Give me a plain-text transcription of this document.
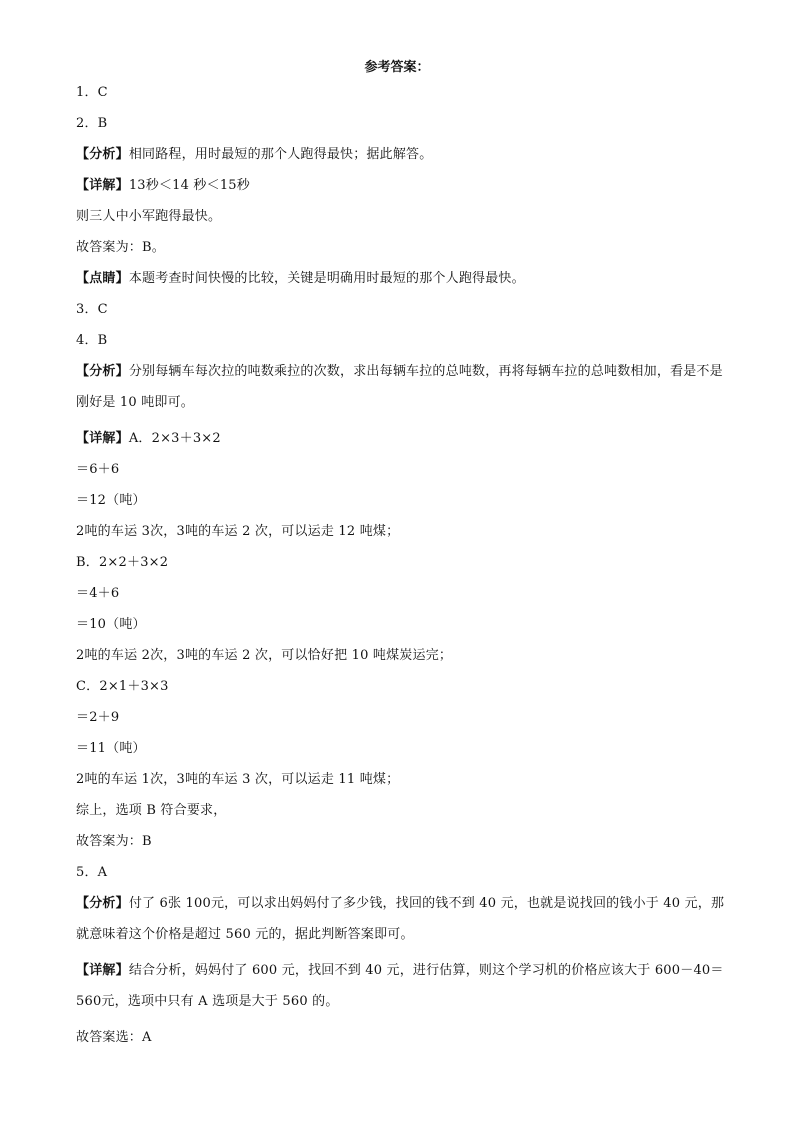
参考答案：
1．C
2．B
【分析】相同路程，用时最短的那个人跑得最快；据此解答。
【详解】13秒＜14 秒＜15秒
则三人中小军跑得最快。
故答案为：B。
【点睛】本题考查时间快慢的比较，关键是明确用时最短的那个人跑得最快。
3．C
4．B
【分析】分别每辆车每次拉的吨数乘拉的次数，求出每辆车拉的总吨数，再将每辆车拉的总吨数相加，看是不是刚好是 10 吨即可。
【详解】A．2×3＋3×2
＝6＋6
＝12（吨）
2吨的车运 3次，3吨的车运 2 次，可以运走 12 吨煤；
B．2×2＋3×2
＝4＋6
＝10（吨）
2吨的车运 2次，3吨的车运 2 次，可以恰好把 10 吨煤炭运完；
C．2×1＋3×3
＝2＋9
＝11（吨）
2吨的车运 1次，3吨的车运 3 次，可以运走 11 吨煤；
综上，选项 B 符合要求，
故答案为：B
5．A
【分析】付了 6张 100元，可以求出妈妈付了多少钱，找回的钱不到 40 元，也就是说找回的钱小于 40 元，那就意味着这个价格是超过 560 元的，据此判断答案即可。
【详解】结合分析，妈妈付了 600 元，找回不到 40 元，进行估算，则这个学习机的价格应该大于 600－40＝560元，选项中只有 A 选项是大于 560 的。
故答案选：A
